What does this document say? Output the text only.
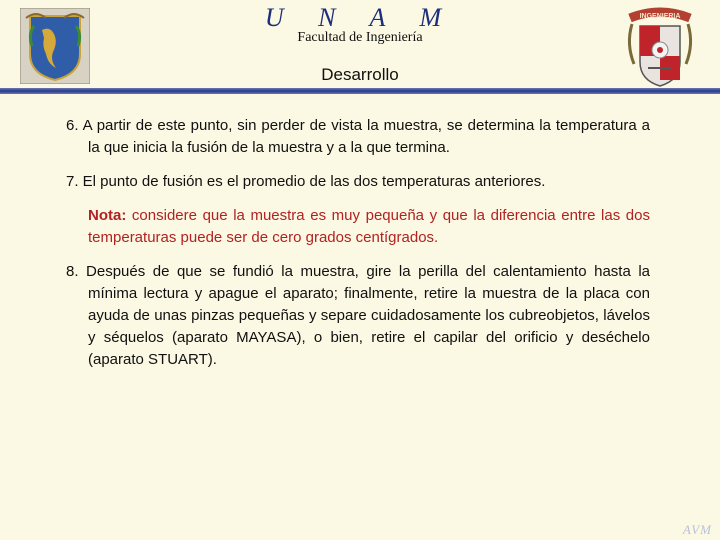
INGENIERIA
U N A M
Facultad de Ingeniería
Desarrollo

6. A partir de este punto, sin perder de vista la muestra, se determina la temperatura a la que inicia la fusión de la muestra y a la que termina.

7. El punto de fusión es el promedio de las dos temperaturas anteriores.

Nota: considere que la muestra es muy pequeña y que la diferencia entre las dos temperaturas puede ser de cero grados centígrados.

8. Después de que se fundió la muestra, gire la perilla del calentamiento hasta la mínima lectura y apague el aparato; finalmente, retire la muestra de la placa con ayuda de unas pinzas pequeñas y separe cuidadosamente los cubreobjetos, lávelos y séquelos (aparato MAYASA), o bien, retire el capilar del orificio y deséchelo (aparato STUART).

AVM
